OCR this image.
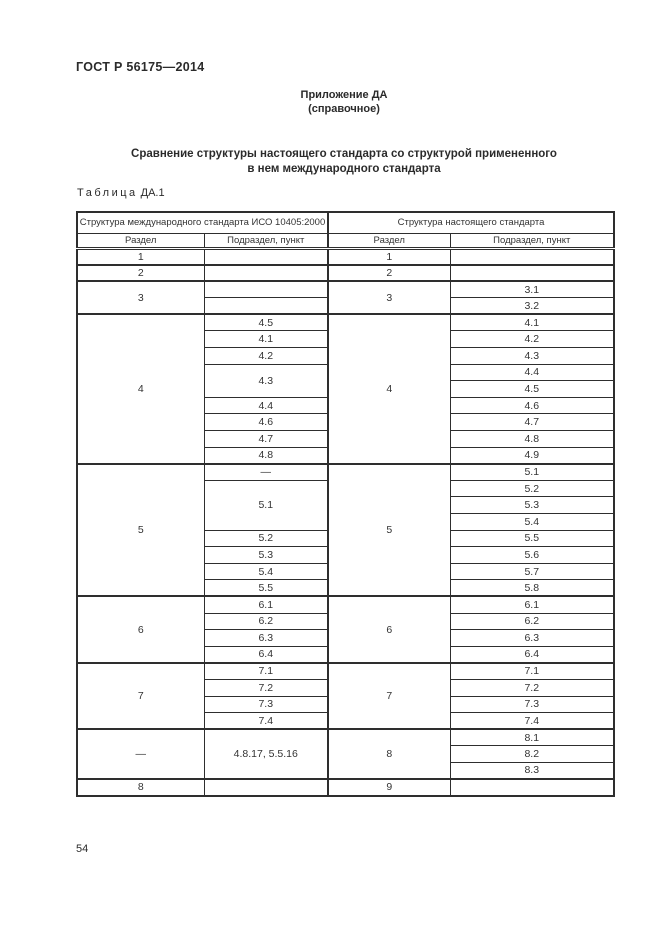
ГОСТ Р 56175—2014
Приложение ДА
(справочное)
Сравнение структуры настоящего стандарта со структурой примененного
в нем международного стандарта
Таблица ДА.1
Структура международного стандарта ИСО 10405:2000		Структура настоящего стандарта	
Раздел	Подраздел, пункт	Раздел	Подраздел, пункт
1		1	
2		2	
3		3	3.1
			3.2
4	4.5	4	4.1
	4.1		4.2
	4.2		4.3
	4.3		4.4
			4.5
	4.4		4.6
	4.6		4.7
	4.7		4.8
	4.8		4.9
5	—	5	5.1
	5.1		5.2
			5.3
			5.4
	5.2		5.5
	5.3		5.6
	5.4		5.7
	5.5		5.8
6	6.1	6	6.1
	6.2		6.2
	6.3		6.3
	6.4		6.4
7	7.1	7	7.1
	7.2		7.2
	7.3		7.3
	7.4		7.4
—	4.8.17, 5.5.16	8	8.1
			8.2
			8.3
8		9	
54
